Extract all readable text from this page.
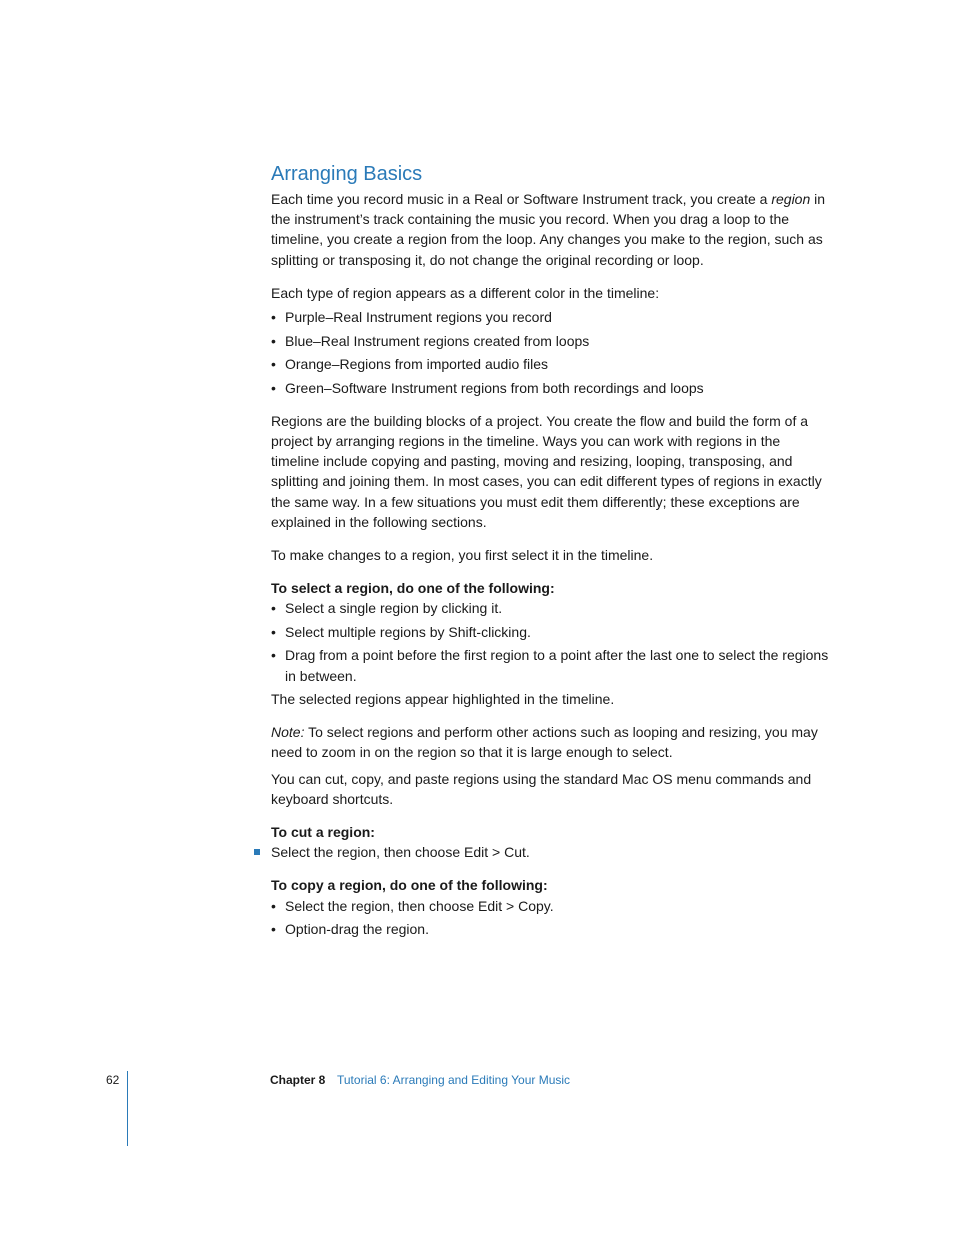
Arranging Basics

Each time you record music in a Real or Software Instrument track, you create a region in the instrument’s track containing the music you record. When you drag a loop to the timeline, you create a region from the loop. Any changes you make to the region, such as splitting or transposing it, do not change the original recording or loop.

Each type of region appears as a different color in the timeline:

• Purple–Real Instrument regions you record
• Blue–Real Instrument regions created from loops
• Orange–Regions from imported audio files
• Green–Software Instrument regions from both recordings and loops

Regions are the building blocks of a project. You create the flow and build the form of a project by arranging regions in the timeline. Ways you can work with regions in the timeline include copying and pasting, moving and resizing, looping, transposing, and splitting and joining them. In most cases, you can edit different types of regions in exactly the same way. In a few situations you must edit them differently; these exceptions are explained in the following sections.

To make changes to a region, you first select it in the timeline.

To select a region, do one of the following:

• Select a single region by clicking it.
• Select multiple regions by Shift-clicking.
• Drag from a point before the first region to a point after the last one to select the regions in between.

The selected regions appear highlighted in the timeline.

Note: To select regions and perform other actions such as looping and resizing, you may need to zoom in on the region so that it is large enough to select.

You can cut, copy, and paste regions using the standard Mac OS menu commands and keyboard shortcuts.

To cut a region:

Select the region, then choose Edit > Cut.

To copy a region, do one of the following:

• Select the region, then choose Edit > Copy.
• Option-drag the region.
62	Chapter 8 Tutorial 6: Arranging and Editing Your Music
